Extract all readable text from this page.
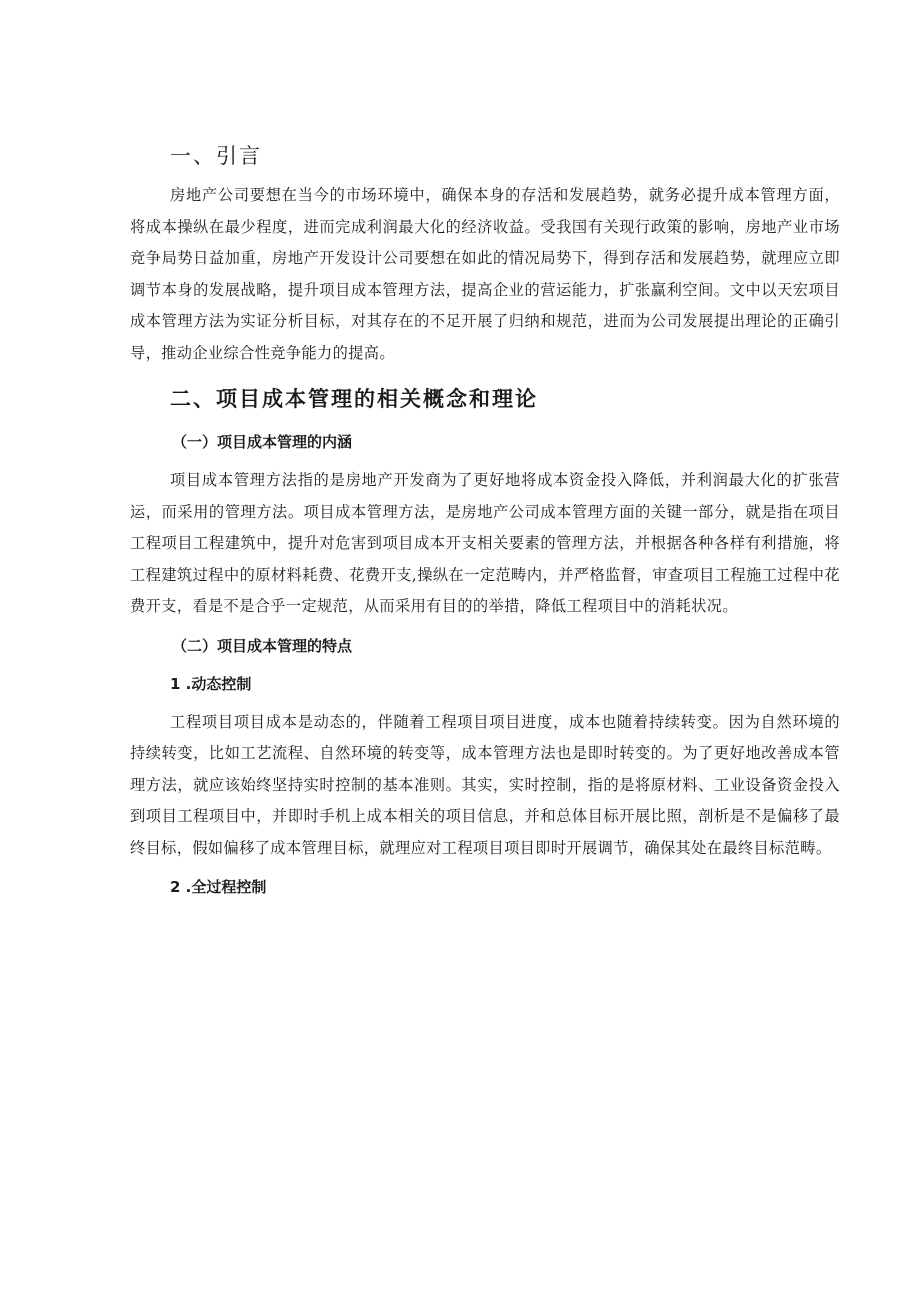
一、引言

房地产公司要想在当今的市场环境中，确保本身的存活和发展趋势，就务必提升成本管理方面，将成本操纵在最少程度，进而完成利润最大化的经济收益。受我国有关现行政策的影响，房地产业市场竞争局势日益加重，房地产开发设计公司要想在如此的情况局势下，得到存活和发展趋势，就理应立即调节本身的发展战略，提升项目成本管理方法，提高企业的营运能力，扩张赢利空间。文中以天宏项目成本管理方法为实证分析目标，对其存在的不足开展了归纳和规范，进而为公司发展提出理论的正确引导，推动企业综合性竞争能力的提高。

二、项目成本管理的相关概念和理论
（一）项目成本管理的内涵

项目成本管理方法指的是房地产开发商为了更好地将成本资金投入降低，并利润最大化的扩张营运，而采用的管理方法。项目成本管理方法，是房地产公司成本管理方面的关键一部分，就是指在项目工程项目工程建筑中，提升对危害到项目成本开支相关要素的管理方法，并根据各种各样有利措施，将工程建筑过程中的原材料耗费、花费开支,操纵在一定范畴内，并严格监督，审查项目工程施工过程中花费开支，看是不是合乎一定规范，从而采用有目的的举措，降低工程项目中的消耗状况。

（二）项目成本管理的特点
1 .动态控制

工程项目项目成本是动态的，伴随着工程项目项目进度，成本也随着持续转变。因为自然环境的持续转变，比如工艺流程、自然环境的转变等，成本管理方法也是即时转变的。为了更好地改善成本管理方法，就应该始终坚持实时控制的基本准则。其实，实时控制，指的是将原材料、工业设备资金投入到项目工程项目中，并即时手机上成本相关的项目信息，并和总体目标开展比照，剖析是不是偏移了最终目标，假如偏移了成本管理目标，就理应对工程项目项目即时开展调节，确保其处在最终目标范畴。

2 .全过程控制
